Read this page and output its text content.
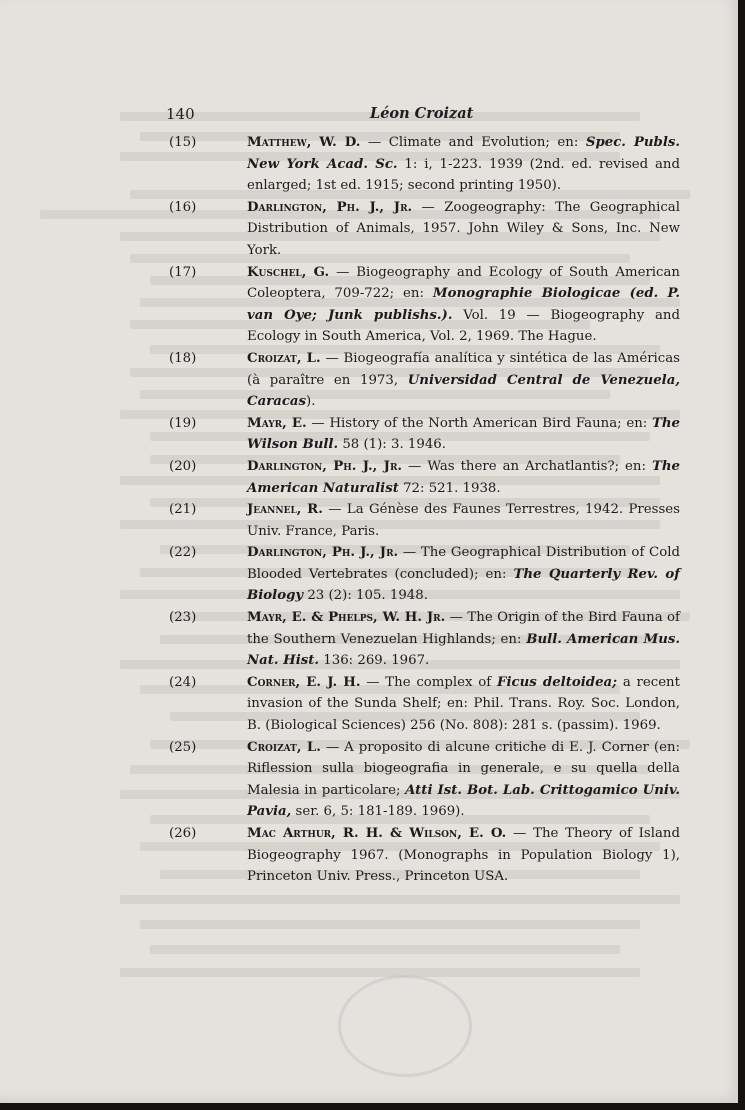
140	Léon Croizat
(15)	Matthew, W. D. — Climate and Evolution; en: Spec. Publs. New York Acad. Sc. 1: i, 1-223. 1939 (2nd. ed. revised and enlarged; 1st ed. 1915; second printing 1950).
(16)	Darlington, Ph. J., Jr. — Zoogeography: The Geographical Distribution of Animals, 1957. John Wiley & Sons, Inc. New York.
(17)	Kuschel, G. — Biogeography and Ecology of South American Coleoptera, 709-722; en: Monographie Biologicae (ed. P. van Oye; Junk publishs.). Vol. 19 — Biogeography and Ecology in South America, Vol. 2, 1969. The Hague.
(18)	Croizat, L. — Biogeografía analítica y sintética de las Américas (à paraître en 1973, Universidad Central de Venezuela, Caracas).
(19)	Mayr, E. — History of the North American Bird Fauna; en: The Wilson Bull. 58 (1): 3. 1946.
(20)	Darlington, Ph. J., Jr. — Was there an Archatlantis?; en: The American Naturalist 72: 521. 1938.
(21)	Jeannel, R. — La Génèse des Faunes Terrestres, 1942. Presses Univ. France, Paris.
(22)	Darlington, Ph. J., Jr. — The Geographical Distribution of Cold Blooded Vertebrates (concluded); en: The Quarterly Rev. of Biology 23 (2): 105. 1948.
(23)	Mayr, E. & Phelps, W. H. Jr. — The Origin of the Bird Fauna of the Southern Venezuelan Highlands; en: Bull. American Mus. Nat. Hist. 136: 269. 1967.
(24)	Corner, E. J. H. — The complex of Ficus deltoidea; a recent invasion of the Sunda Shelf; en: Phil. Trans. Roy. Soc. London, B. (Biological Sciences) 256 (No. 808): 281 s. (passim). 1969.
(25)	Croizat, L. — A proposito di alcune critiche di E. J. Corner (en: Riflession sulla biogeografia in generale, e su quella della Malesia in particolare; Atti Ist. Bot. Lab. Crittogamico Univ. Pavia, ser. 6, 5: 181-189. 1969).
(26)	Mac Arthur, R. H. & Wilson, E. O. — The Theory of Island Biogeography 1967. (Monographs in Population Biology 1), Princeton Univ. Press., Princeton USA.
